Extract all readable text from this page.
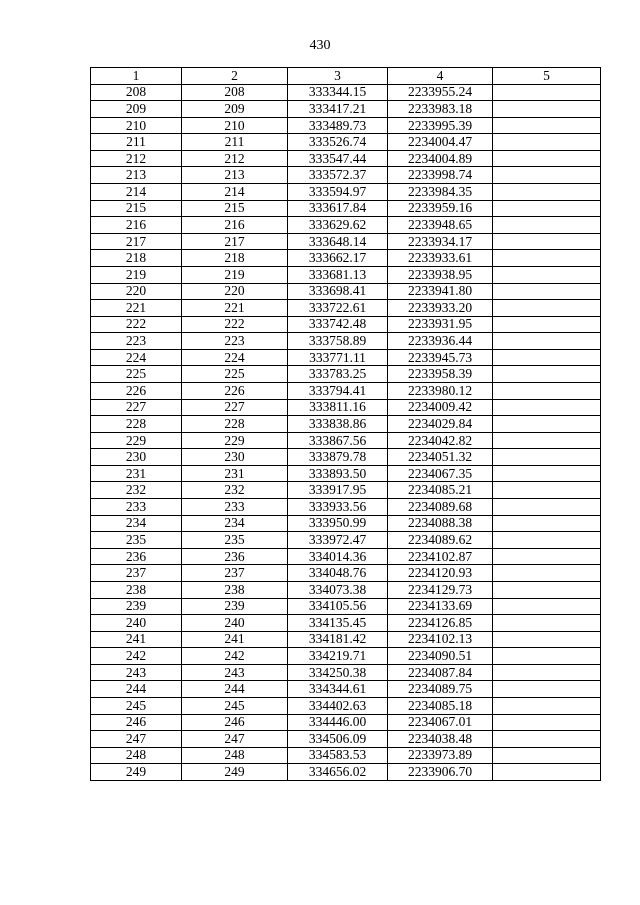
430
1	2	3	4	5
208	208	333344.15	2233955.24	
209	209	333417.21	2233983.18	
210	210	333489.73	2233995.39	
211	211	333526.74	2234004.47	
212	212	333547.44	2234004.89	
213	213	333572.37	2233998.74	
214	214	333594.97	2233984.35	
215	215	333617.84	2233959.16	
216	216	333629.62	2233948.65	
217	217	333648.14	2233934.17	
218	218	333662.17	2233933.61	
219	219	333681.13	2233938.95	
220	220	333698.41	2233941.80	
221	221	333722.61	2233933.20	
222	222	333742.48	2233931.95	
223	223	333758.89	2233936.44	
224	224	333771.11	2233945.73	
225	225	333783.25	2233958.39	
226	226	333794.41	2233980.12	
227	227	333811.16	2234009.42	
228	228	333838.86	2234029.84	
229	229	333867.56	2234042.82	
230	230	333879.78	2234051.32	
231	231	333893.50	2234067.35	
232	232	333917.95	2234085.21	
233	233	333933.56	2234089.68	
234	234	333950.99	2234088.38	
235	235	333972.47	2234089.62	
236	236	334014.36	2234102.87	
237	237	334048.76	2234120.93	
238	238	334073.38	2234129.73	
239	239	334105.56	2234133.69	
240	240	334135.45	2234126.85	
241	241	334181.42	2234102.13	
242	242	334219.71	2234090.51	
243	243	334250.38	2234087.84	
244	244	334344.61	2234089.75	
245	245	334402.63	2234085.18	
246	246	334446.00	2234067.01	
247	247	334506.09	2234038.48	
248	248	334583.53	2233973.89	
249	249	334656.02	2233906.70	
